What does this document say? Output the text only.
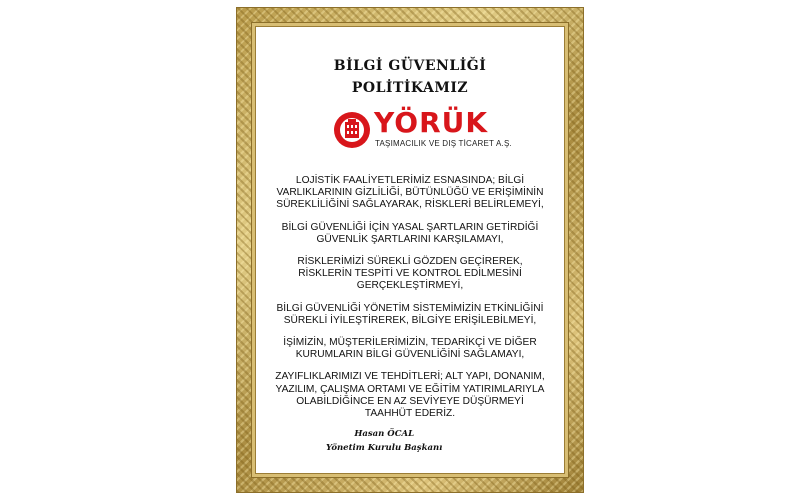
BİLGİ GÜVENLİĞİ
POLİTİKAMIZ
YÖRÜK
TAŞIMACILIK VE DIŞ TİCARET A.Ş.

LOJİSTİK FAALİYETLERİMİZ ESNASINDA; BİLGİ
VARLIKLARININ GİZLİLİĞİ, BÜTÜNLÜĞÜ VE ERİŞİMİNİN
SÜREKLİLİĞİNİ SAĞLAYARAK, RİSKLERİ BELİRLEMEYİ,

BİLGİ GÜVENLİĞİ İÇİN YASAL ŞARTLARIN GETİRDİĞİ
GÜVENLİK ŞARTLARINI KARŞILAMAYI,

RİSKLERİMİZİ SÜREKLİ GÖZDEN GEÇİREREK,
RİSKLERİN TESPİTİ VE KONTROL EDİLMESİNİ
GERÇEKLEŞTİRMEYİ,

BİLGİ GÜVENLİĞİ YÖNETİM SİSTEMİMİZİN ETKİNLİĞİNİ
SÜREKLİ İYİLEŞTİREREK, BİLGİYE ERİŞİLEBİLMEYİ,

İŞİMİZİN, MÜŞTERİLERİMİZİN, TEDARİKÇİ VE DİĞER
KURUMLARIN BİLGİ GÜVENLİĞİNİ SAĞLAMAYI,

ZAYIFLIKLARIMIZI VE TEHDİTLERİ; ALT YAPI, DONANIM,
YAZILIM, ÇALIŞMA ORTAMI VE EĞİTİM YATIRIMLARIYLA
OLABİLDİĞİNCE EN AZ SEVİYEYE DÜŞÜRMEYİ
TAAHHÜT EDERİZ.

Hasan ÖCAL
Yönetim Kurulu Başkanı
